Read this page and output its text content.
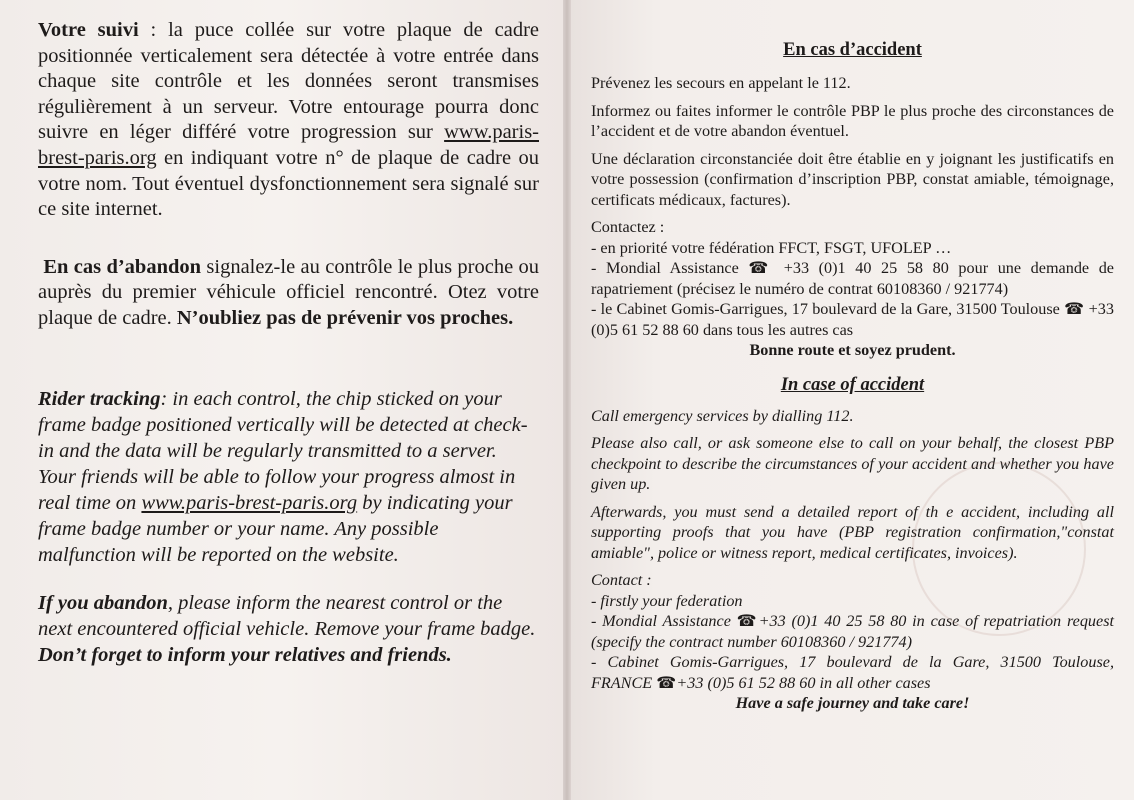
Votre suivi : la puce collée sur votre plaque de cadre positionnée verticalement sera détectée à votre entrée dans chaque site contrôle et les données seront transmises régulièrement à un serveur. Votre entourage pourra donc suivre en léger différé votre progression sur www.paris-brest-paris.org en indiquant votre n° de plaque de cadre ou votre nom. Tout éventuel dysfonctionnement sera signalé sur ce site internet.

En cas d’abandon signalez-le au contrôle le plus proche ou auprès du premier véhicule officiel rencontré. Otez votre plaque de cadre. N’oubliez pas de prévenir vos proches.

Rider tracking: in each control, the chip sticked on your frame badge positioned vertically will be detected at check-in and the data will be regularly transmitted to a server. Your friends will be able to follow your progress almost in real time on www.paris-brest-paris.org by indicating your frame badge number or your name. Any possible malfunction will be reported on the website.

If you abandon, please inform the nearest control or the next encountered official vehicle. Remove your frame badge. Don’t forget to inform your relatives and friends.

En cas d’accident

Prévenez les secours en appelant le 112.

Informez ou faites informer le contrôle PBP le plus proche des circonstances de l’accident et de votre abandon éventuel.

Une déclaration circonstanciée doit être établie en y joignant les justificatifs en votre possession (confirmation d’inscription PBP, constat amiable, témoignage, certificats médicaux, factures).

Contactez :

- en priorité votre fédération FFCT, FSGT, UFOLEP …

- Mondial Assistance ☎ +33 (0)1 40 25 58 80 pour une demande de rapatriement (précisez le numéro de contrat 60108360 / 921774)

- le Cabinet Gomis-Garrigues, 17 boulevard de la Gare, 31500 Toulouse ☎ +33 (0)5 61 52 88 60 dans tous les autres cas

Bonne route et soyez prudent.

In case of accident

Call emergency services by dialling 112.

Please also call, or ask someone else to call on your behalf, the closest PBP checkpoint to describe the circumstances of your accident and whether you have given up.

Afterwards, you must send a detailed report of th e accident, including all supporting proofs that you have (PBP registration confirmation,"constat amiable", police or witness report, medical certificates, invoices).

Contact :

- firstly your federation

- Mondial Assistance ☎+33 (0)1 40 25 58 80 in case of repatriation request (specify the contract number 60108360 / 921774)

- Cabinet Gomis-Garrigues, 17 boulevard de la Gare, 31500 Toulouse, FRANCE ☎+33 (0)5 61 52 88 60 in all other cases

Have a safe journey and take care!
